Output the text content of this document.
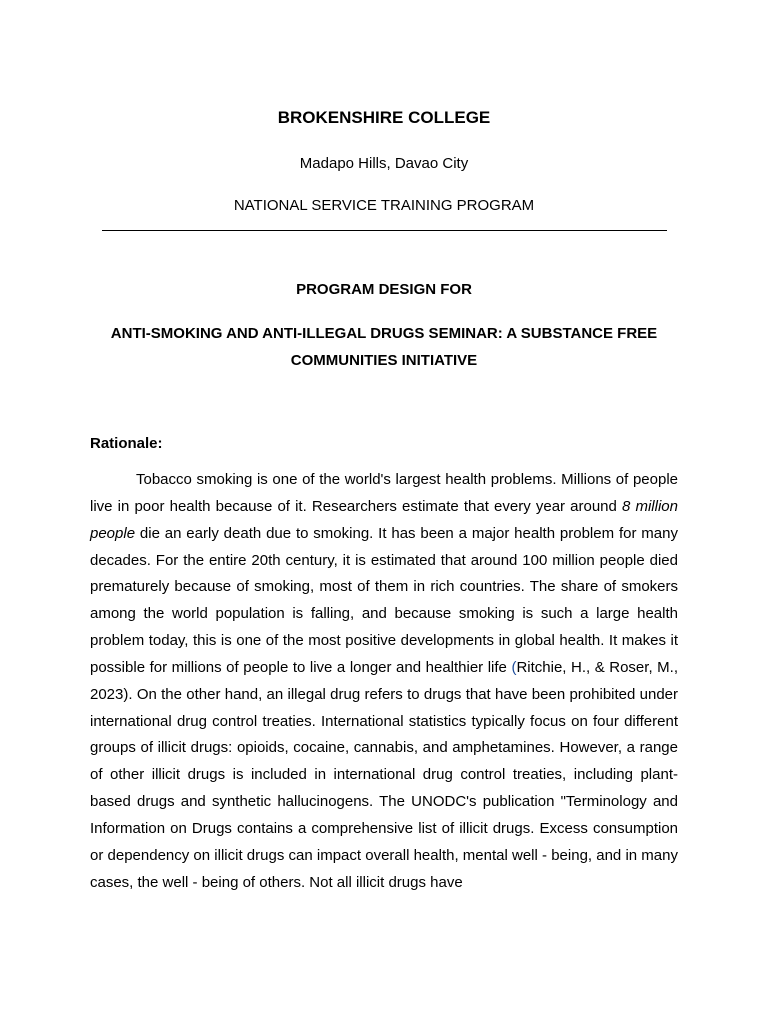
BROKENSHIRE COLLEGE
Madapo Hills, Davao City
NATIONAL SERVICE TRAINING PROGRAM
PROGRAM DESIGN FOR
ANTI-SMOKING AND ANTI-ILLEGAL DRUGS SEMINAR: A SUBSTANCE FREE COMMUNITIES INITIATIVE
Rationale:

Tobacco smoking is one of the world's largest health problems. Millions of people live in poor health because of it. Researchers estimate that every year around 8 million people die an early death due to smoking. It has been a major health problem for many decades. For the entire 20th century, it is estimated that around 100 million people died prematurely because of smoking, most of them in rich countries. The share of smokers among the world population is falling, and because smoking is such a large health problem today, this is one of the most positive developments in global health. It makes it possible for millions of people to live a longer and healthier life (Ritchie, H., & Roser, M., 2023). On the other hand, an illegal drug refers to drugs that have been prohibited under international drug control treaties. International statistics typically focus on four different groups of illicit drugs: opioids, cocaine, cannabis, and amphetamines. However, a range of other illicit drugs is included in international drug control treaties, including plant-based drugs and synthetic hallucinogens. The UNODC's publication "Terminology and Information on Drugs contains a comprehensive list of illicit drugs. Excess consumption or dependency on illicit drugs can impact overall health, mental well - being, and in many cases, the well - being of others. Not all illicit drugs have
